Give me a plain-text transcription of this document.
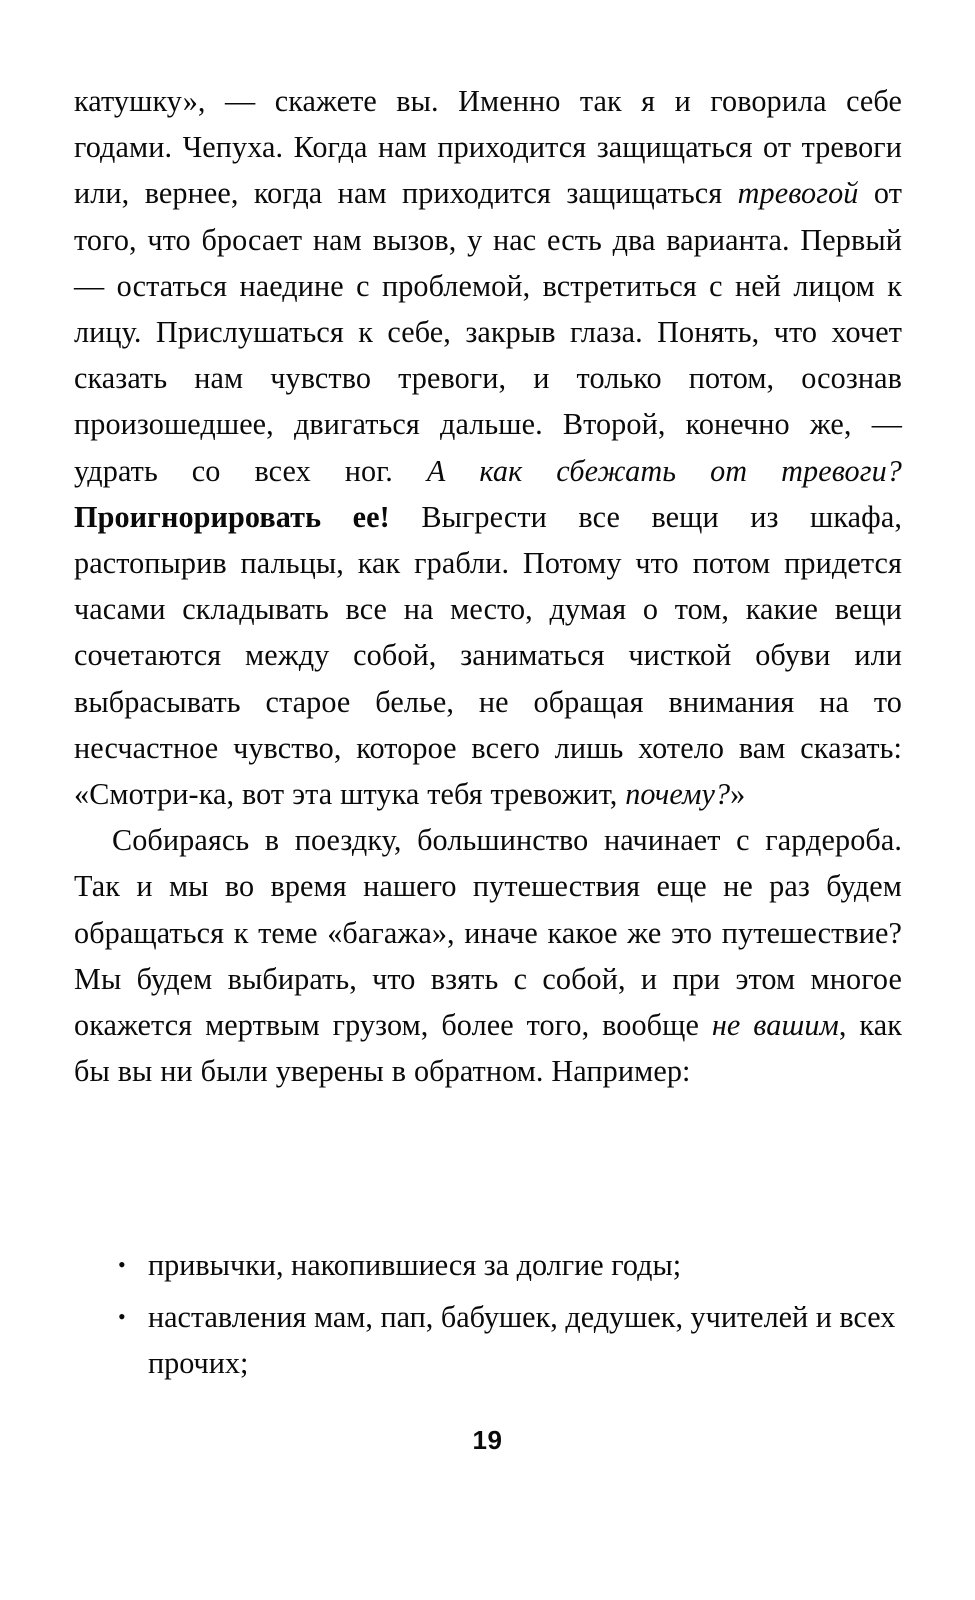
катушку», — скажете вы. Именно так я и говорила себе годами. Чепуха. Когда нам приходится защищаться от тревоги или, вернее, когда нам приходится защищаться тревогой от того, что бросает нам вызов, у нас есть два варианта. Первый — остаться наедине с проблемой, встретиться с ней лицом к лицу. Прислушаться к себе, закрыв глаза. Понять, что хочет сказать нам чувство тревоги, и только потом, осознав произошедшее, двигаться дальше. Второй, конечно же, — удрать со всех ног. А как сбежать от тревоги? Проигнорировать ее! Выгрести все вещи из шкафа, растопырив пальцы, как грабли. Потому что потом придется часами складывать все на место, думая о том, какие вещи сочетаются между собой, заниматься чисткой обуви или выбрасывать старое белье, не обращая внимания на то несчастное чувство, которое всего лишь хотело вам сказать: «Смотри-ка, вот эта штука тебя тревожит, почему?»

Собираясь в поездку, большинство начинает с гардероба. Так и мы во время нашего путешествия еще не раз будем обращаться к теме «багажа», иначе какое же это путешествие? Мы будем выбирать, что взять с собой, и при этом многое окажется мертвым грузом, более того, вообще не вашим, как бы вы ни были уверены в обратном. Например:

• привычки, накопившиеся за долгие годы;
• наставления мам, пап, бабушек, дедушек, учителей и всех прочих;
19
